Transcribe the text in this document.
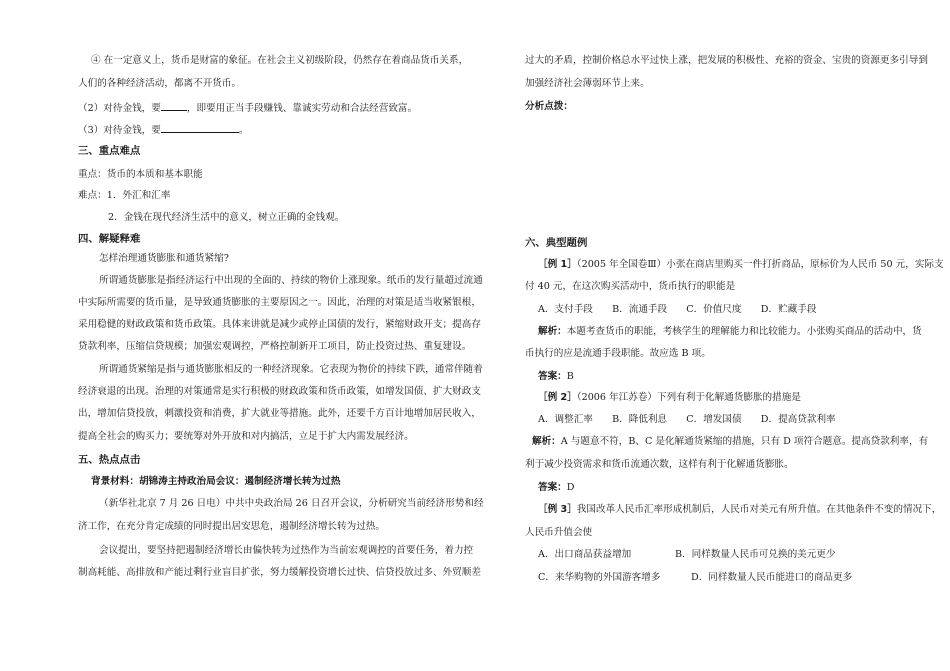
④ 在一定意义上，货币是财富的象征。在社会主义初级阶段，仍然存在着商品货币关系，
人们的各种经济活动，都离不开货币。
（2）对待金钱，要	，即要用正当手段赚钱、靠诚实劳动和合法经营致富。
（3）对待金钱，要	。
三、重点难点
重点：货币的本质和基本职能
难点：1．外汇和汇率
2．金钱在现代经济生活中的意义，树立正确的金钱观。
四、解疑释难
怎样治理通货膨胀和通货紧缩?
所谓通货膨胀是指经济运行中出现的全面的、持续的物价上涨现象。纸币的发行量超过流通
中实际所需要的货币量，是导致通货膨胀的主要原因之一。因此，治理的对策是适当收紧银根，
采用稳健的财政政策和货币政策。具体来讲就是减少或停止国债的发行，紧缩财政开支；提高存
贷款利率，压缩信贷规模；加强宏观调控，严格控制新开工项目，防止投资过热、重复建设。
所谓通货紧缩是指与通货膨胀相反的一种经济现象。它表现为物价的持续下跌，通常伴随着
经济衰退的出现。治理的对策通常是实行积极的财政政策和货币政策，如增发国债、扩大财政支
出，增加信贷投放，刺激投资和消费，扩大就业等措施。此外，还要千方百计地增加居民收入，
提高全社会的购买力；要统筹对外开放和对内搞活，立足于扩大内需发展经济。
五、热点点击
背景材料：胡锦涛主持政治局会议：遏制经济增长转为过热
（新华社北京 7 月 26 日电）中共中央政治局 26 日召开会议，分析研究当前经济形势和经
济工作，在充分肯定成绩的同时提出居安思危，遏制经济增长转为过热。
会议提出，要坚持把遏制经济增长由偏快转为过热作为当前宏观调控的首要任务，着力控
制高耗能、高排放和产能过剩行业盲目扩张，努力缓解投资增长过快、信贷投放过多、外贸顺差
过大的矛盾，控制价格总水平过快上涨，把发展的积极性、充裕的资金、宝贵的资源更多引导到
加强经济社会薄弱环节上来。
分析点拨：
六、典型题例
［例 1］（2005 年全国卷Ⅲ）小张在商店里购买一件打折商品，原标价为人民币 50 元，实际支
付 40 元，在这次购买活动中，货币执行的职能是
A．支付手段　　B．流通手段　　C．价值尺度　　D．贮藏手段
解析：本题考查货币的职能，考核学生的理解能力和比较能力。小张购买商品的活动中，货
币执行的应是流通手段职能。故应选 B 项。
答案：B
［例 2］（2006 年江苏卷）下列有利于化解通货膨胀的措施是
A．调整汇率　　B．降低利息　　C．增发国债　　D．提高贷款利率
解析：A 与题意不符，B、C 是化解通货紧缩的措施，只有 D 项符合题意。提高贷款利率，有
利于减少投资需求和货币流通次数，这样有利于化解通货膨胀。
答案：D
［例 3］我国改革人民币汇率形成机制后，人民币对美元有所升值。在其他条件不变的情况下，
人民币升值会使
A．出口商品获益增加	B．同样数量人民币可兑换的美元更少
C．来华购物的外国游客增多	D．同样数量人民币能进口的商品更多
